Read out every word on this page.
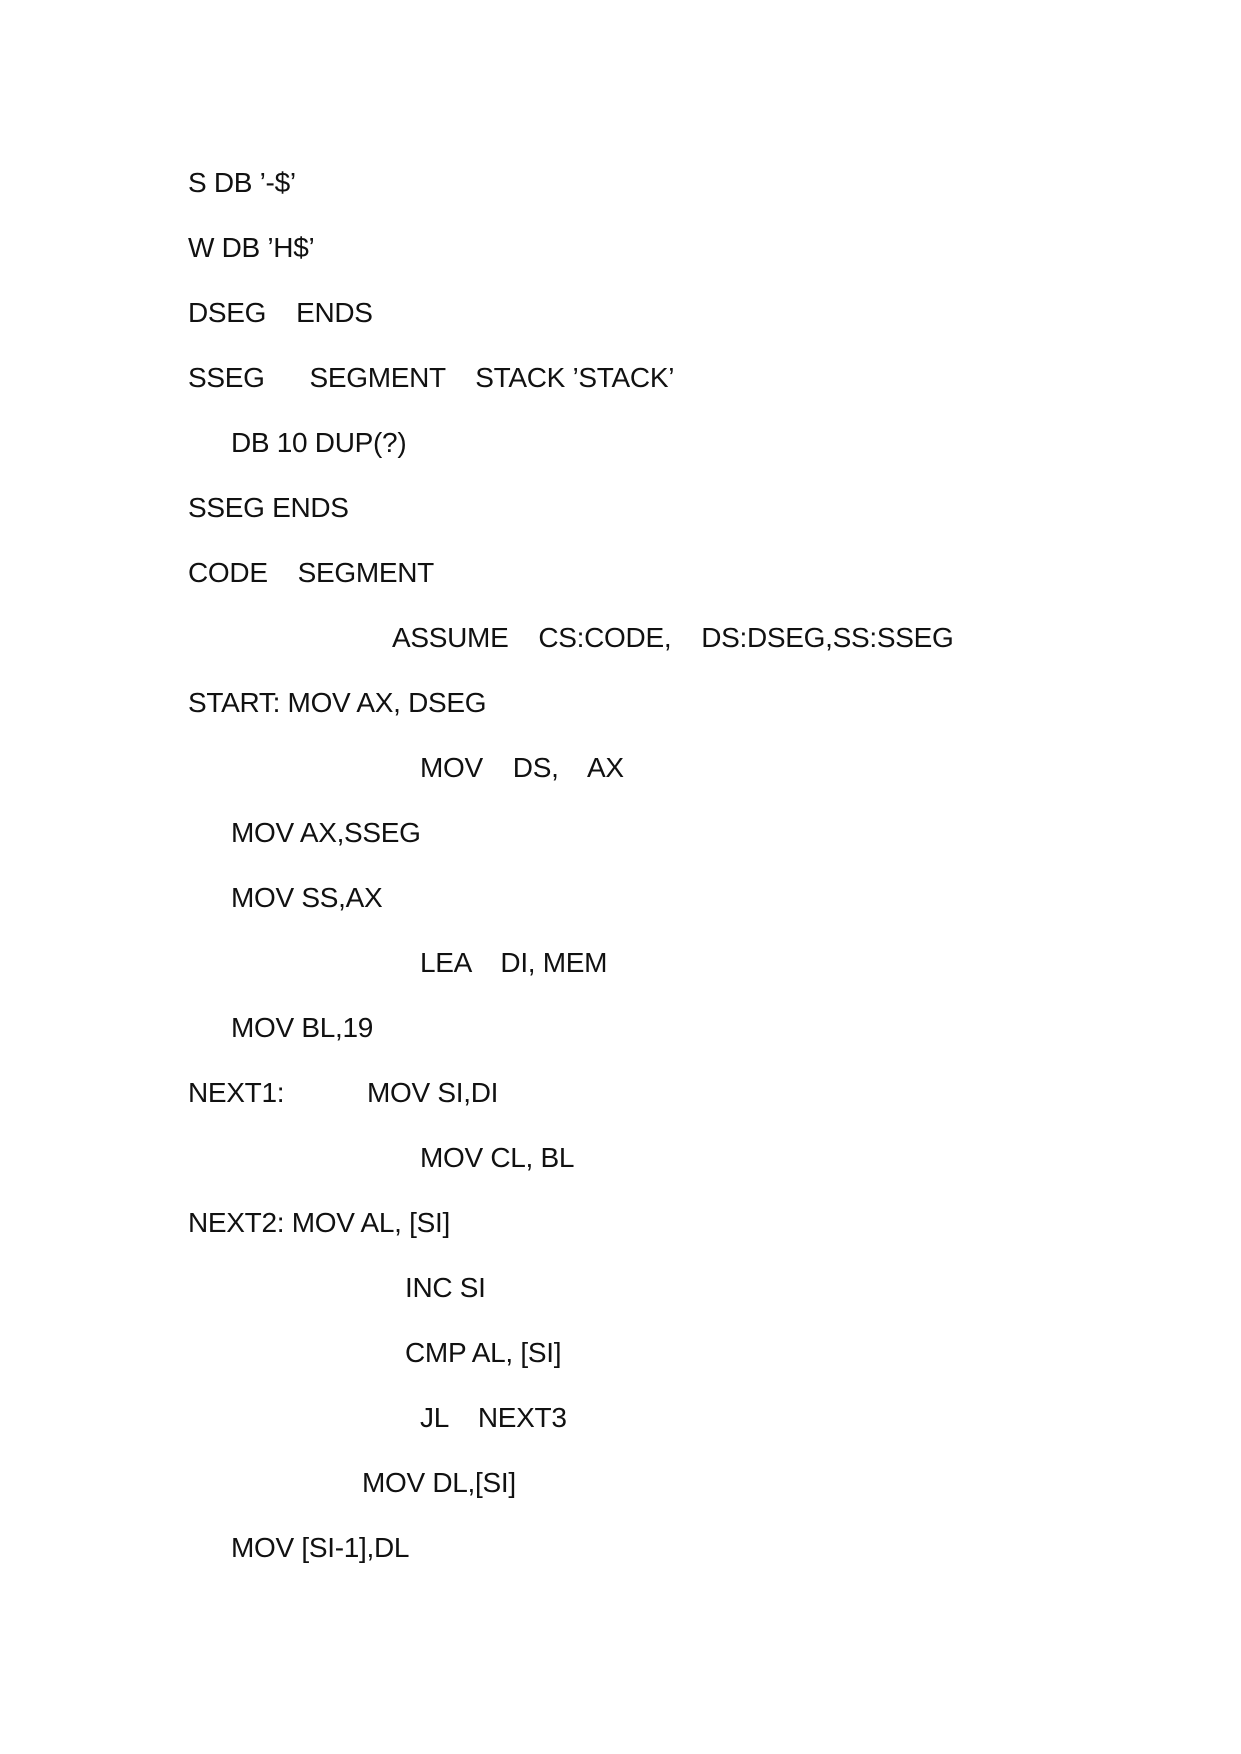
S DB ’-$’
W DB ’H$’
DSEG    ENDS
SSEG      SEGMENT    STACK ’STACK’
DB 10 DUP(?)
SSEG ENDS
CODE    SEGMENT
ASSUME    CS:CODE,    DS:DSEG,SS:SSEG
START: MOV AX, DSEG
MOV    DS,    AX
MOV AX,SSEG
MOV SS,AX
LEA    DI, MEM
MOV BL,19
NEXT1:	MOV SI,DI
MOV CL, BL
NEXT2: MOV AL, [SI]
INC SI
CMP AL, [SI]
JL    NEXT3
MOV DL,[SI]
MOV [SI-1],DL
